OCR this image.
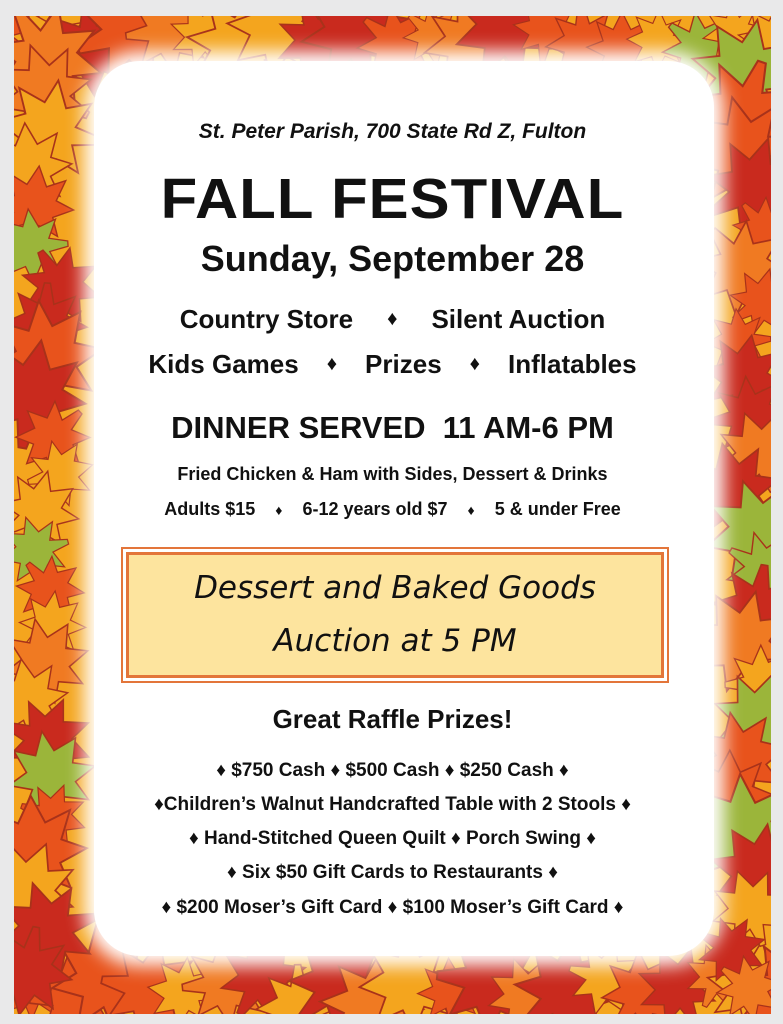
St. Peter Parish, 700 State Rd Z, Fulton
FALL FESTIVAL
Sunday, September 28
Country Store ♦ Silent Auction
Kids Games ♦ Prizes ♦ Inflatables
DINNER SERVED  11 AM-6 PM
Fried Chicken & Ham with Sides, Dessert & Drinks
Adults $15 ♦ 6-12 years old $7 ♦ 5 & under Free
Dessert and Baked Goods
Auction at 5 PM
Great Raffle Prizes!
♦ $750 Cash ♦ $500 Cash ♦ $250 Cash ♦
♦Children’s Walnut Handcrafted Table with 2 Stools ♦
♦ Hand-Stitched Queen Quilt ♦ Porch Swing ♦
♦ Six $50 Gift Cards to Restaurants ♦
♦ $200 Moser’s Gift Card ♦ $100 Moser’s Gift Card ♦
